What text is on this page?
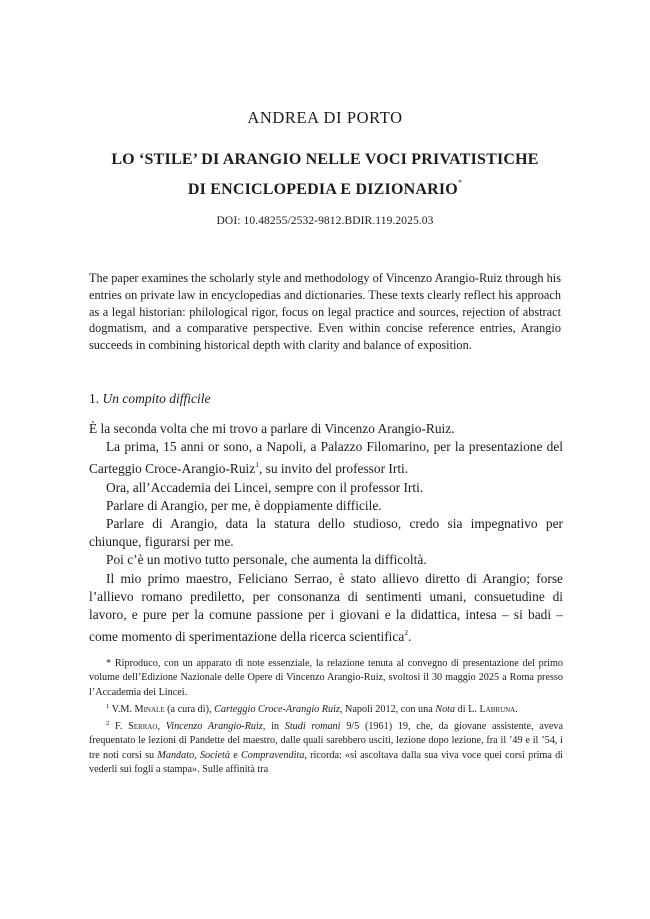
ANDREA DI PORTO
LO ‘STILE’ DI ARANGIO NELLE VOCI PRIVATISTICHE
DI ENCICLOPEDIA E DIZIONARIO*
DOI: 10.48255/2532-9812.BDIR.119.2025.03
The paper examines the scholarly style and methodology of Vincenzo Arangio-Ruiz through his entries on private law in encyclopedias and dictionaries. These texts clearly reflect his approach as a legal historian: philological rigor, focus on legal practice and sources, rejection of abstract dogmatism, and a comparative perspective. Even within concise reference entries, Arangio succeeds in combining historical depth with clarity and balance of exposition.
1. Un compito difficile

È la seconda volta che mi trovo a parlare di Vincenzo Arangio-Ruiz.

La prima, 15 anni or sono, a Napoli, a Palazzo Filomarino, per la presentazione del Carteggio Croce-Arangio-Ruiz$^1$, su invito del professor Irti.

Ora, all’Accademia dei Lincei, sempre con il professor Irti.

Parlare di Arangio, per me, è doppiamente difficile.

Parlare di Arangio, data la statura dello studioso, credo sia impegnativo per chiunque, figurarsi per me.

Poi c’è un motivo tutto personale, che aumenta la difficoltà.

Il mio primo maestro, Feliciano Serrao, è stato allievo diretto di Arangio; forse l’allievo romano prediletto, per consonanza di sentimenti umani, consuetudine di lavoro, e pure per la comune passione per i giovani e la didattica, intesa – si badi – come momento di sperimentazione della ricerca scientifica$^2$.

* Riproduco, con un apparato di note essenziale, la relazione tenuta al convegno di presentazione del primo volume dell’Edizione Nazionale delle Opere di Vincenzo Arangio-Ruiz, svoltosi il 30 maggio 2025 a Roma presso l’Accademia dei Lincei.

$^1$ V.M. Minale (a cura di), Carteggio Croce-Arangio Ruiz, Napoli 2012, con una Nota di L. Labruna.

$^2$ F. Serrao, Vincenzo Arangio-Ruiz, in Studi romani 9/5 (1961) 19, che, da giovane assistente, aveva frequentato le lezioni di Pandette del maestro, dalle quali sarebbero usciti, lezione dopo lezione, fra il ’49 e il ’54, i tre noti corsi su Mandato, Società e Compravendita, ricorda: «si ascoltava dalla sua viva voce quei corsi prima di vederli sui fogli a stampa». Sulle affinità tra
